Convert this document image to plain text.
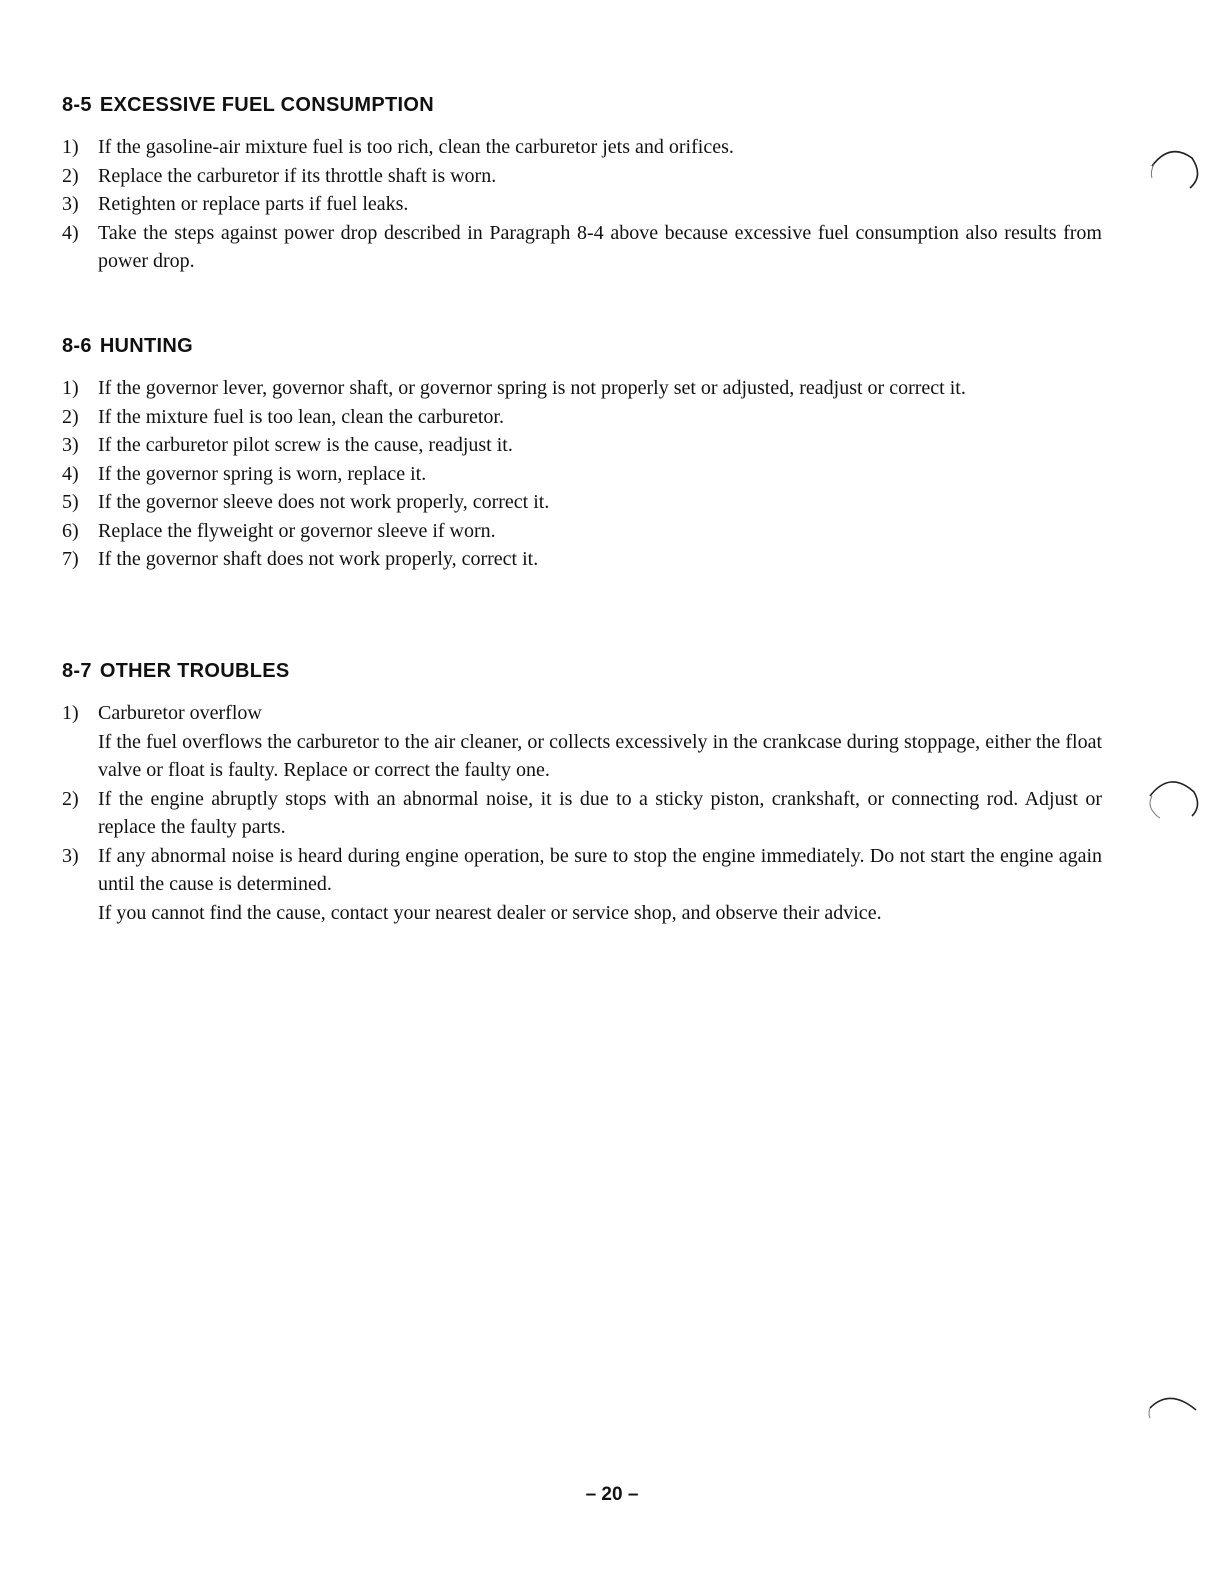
8-5 EXCESSIVE FUEL CONSUMPTION
1) If the gasoline-air mixture fuel is too rich, clean the carburetor jets and orifices.

2) Replace the carburetor if its throttle shaft is worn.

3) Retighten or replace parts if fuel leaks.

4) Take the steps against power drop described in Paragraph 8-4 above because excessive fuel consumption also results from power drop.

8-6 HUNTING
1) If the governor lever, governor shaft, or governor spring is not properly set or adjusted, readjust or correct it.

2) If the mixture fuel is too lean, clean the carburetor.

3) If the carburetor pilot screw is the cause, readjust it.

4) If the governor spring is worn, replace it.

5) If the governor sleeve does not work properly, correct it.

6) Replace the flyweight or governor sleeve if worn.

7) If the governor shaft does not work properly, correct it.

8-7 OTHER TROUBLES
1) Carburetor overflow

If the fuel overflows the carburetor to the air cleaner, or collects excessively in the crankcase during stoppage, either the float valve or float is faulty. Replace or correct the faulty one.

2) If the engine abruptly stops with an abnormal noise, it is due to a sticky piston, crankshaft, or connecting rod. Adjust or replace the faulty parts.

3) If any abnormal noise is heard during engine operation, be sure to stop the engine immediately. Do not start the engine again until the cause is determined.

If you cannot find the cause, contact your nearest dealer or service shop, and observe their advice.

– 20 –
